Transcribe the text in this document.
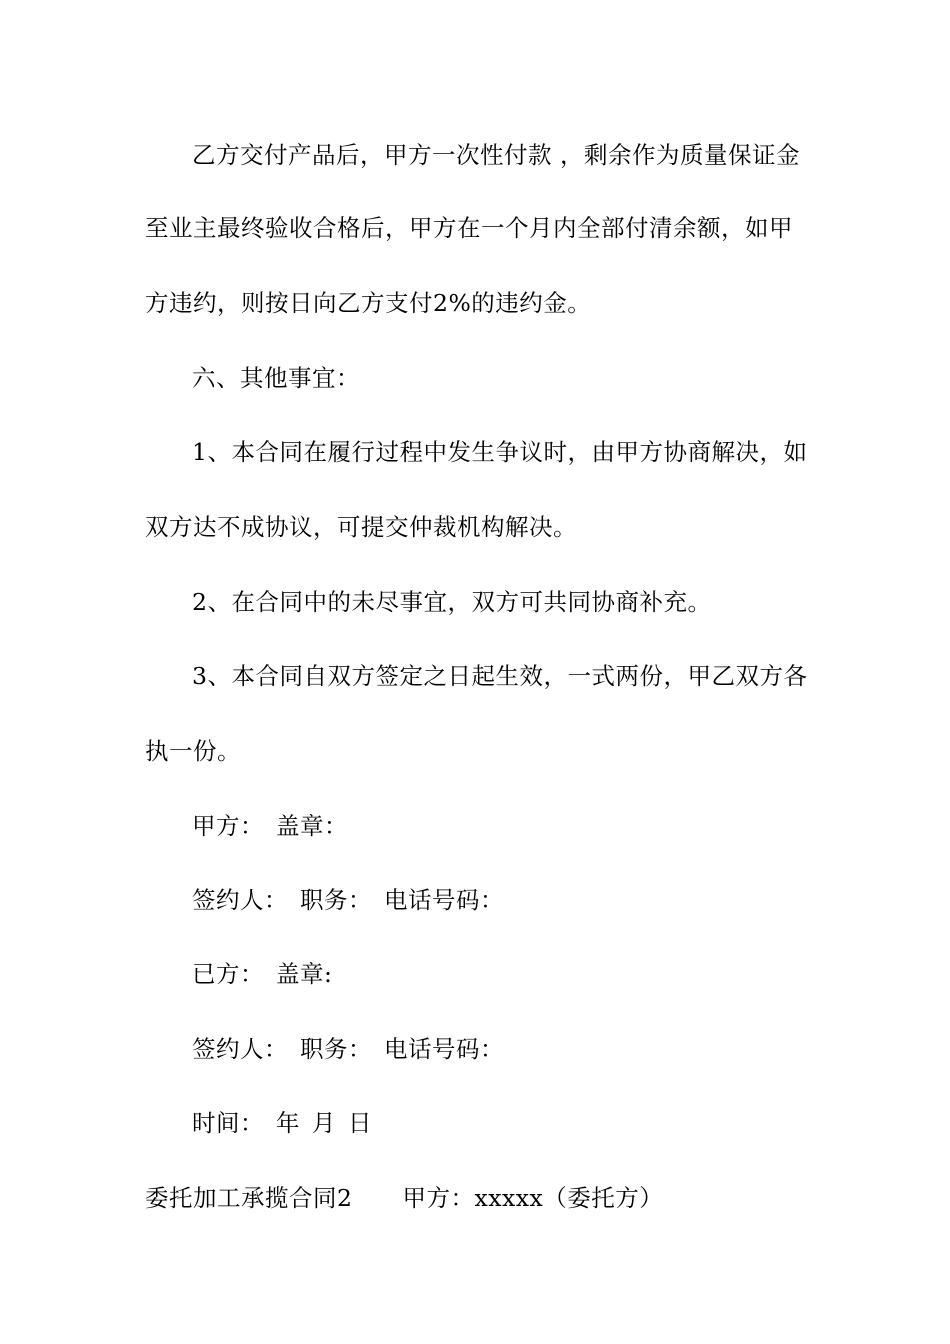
乙方交付产品后，甲方一次性付款 ，剩余作为质量保证金
至业主最终验收合格后，甲方在一个月内全部付清余额，如甲
方违约，则按日向乙方支付2%的违约金。
六、其他事宜：
1、本合同在履行过程中发生争议时，由甲方协商解决，如
双方达不成协议，可提交仲裁机构解决。
2、在合同中的未尽事宜，双方可共同协商补充。
3、本合同自双方签定之日起生效，一式两份，甲乙双方各
执一份。
甲方： 盖章：
签约人： 职务： 电话号码：
已方： 盖章:
签约人： 职务： 电话号码：
时间： 年 月 日
委托加工承揽合同2 甲方：xxxxx（委托方）
